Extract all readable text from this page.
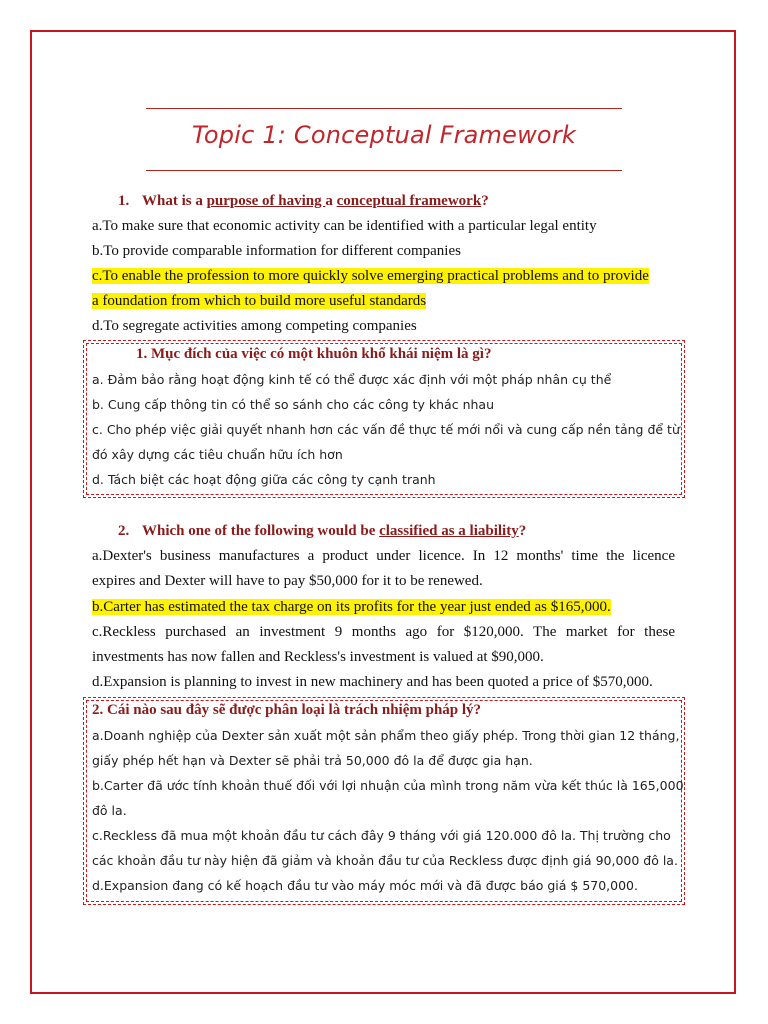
Topic 1: Conceptual Framework
1. What is a purpose of having a conceptual framework?
a.To make sure that economic activity can be identified with a particular legal entity
b.To provide comparable information for different companies
c.To enable the profession to more quickly solve emerging practical problems and to provide
a foundation from which to build more useful standards
d.To segregate activities among competing companies
1. Mục đích của việc có một khuôn khổ khái niệm là gì?
a. Đảm bảo rằng hoạt động kinh tế có thể được xác định với một pháp nhân cụ thể
b. Cung cấp thông tin có thể so sánh cho các công ty khác nhau
c. Cho phép việc giải quyết nhanh hơn các vấn đề thực tế mới nổi và cung cấp nền tảng để từ
đó xây dựng các tiêu chuẩn hữu ích hơn
d. Tách biệt các hoạt động giữa các công ty cạnh tranh
2. Which one of the following would be classified as a liability?
a.Dexter's business manufactures a product under licence. In 12 months' time the licence
expires and Dexter will have to pay $50,000 for it to be renewed.
b.Carter has estimated the tax charge on its profits for the year just ended as $165,000.
c.Reckless purchased an investment 9 months ago for $120,000. The market for these
investments has now fallen and Reckless's investment is valued at $90,000.
d.Expansion is planning to invest in new machinery and has been quoted a price of $570,000.
2. Cái nào sau đây sẽ được phân loại là trách nhiệm pháp lý?
a.Doanh nghiệp của Dexter sản xuất một sản phẩm theo giấy phép. Trong thời gian 12 tháng,
giấy phép hết hạn và Dexter sẽ phải trả 50,000 đô la để được gia hạn.
b.Carter đã ước tính khoản thuế đối với lợi nhuận của mình trong năm vừa kết thúc là 165,000
đô la.
c.Reckless đã mua một khoản đầu tư cách đây 9 tháng với giá 120.000 đô la. Thị trường cho
các khoản đầu tư này hiện đã giảm và khoản đầu tư của Reckless được định giá 90,000 đô la.
d.Expansion đang có kế hoạch đầu tư vào máy móc mới và đã được báo giá $ 570,000.
